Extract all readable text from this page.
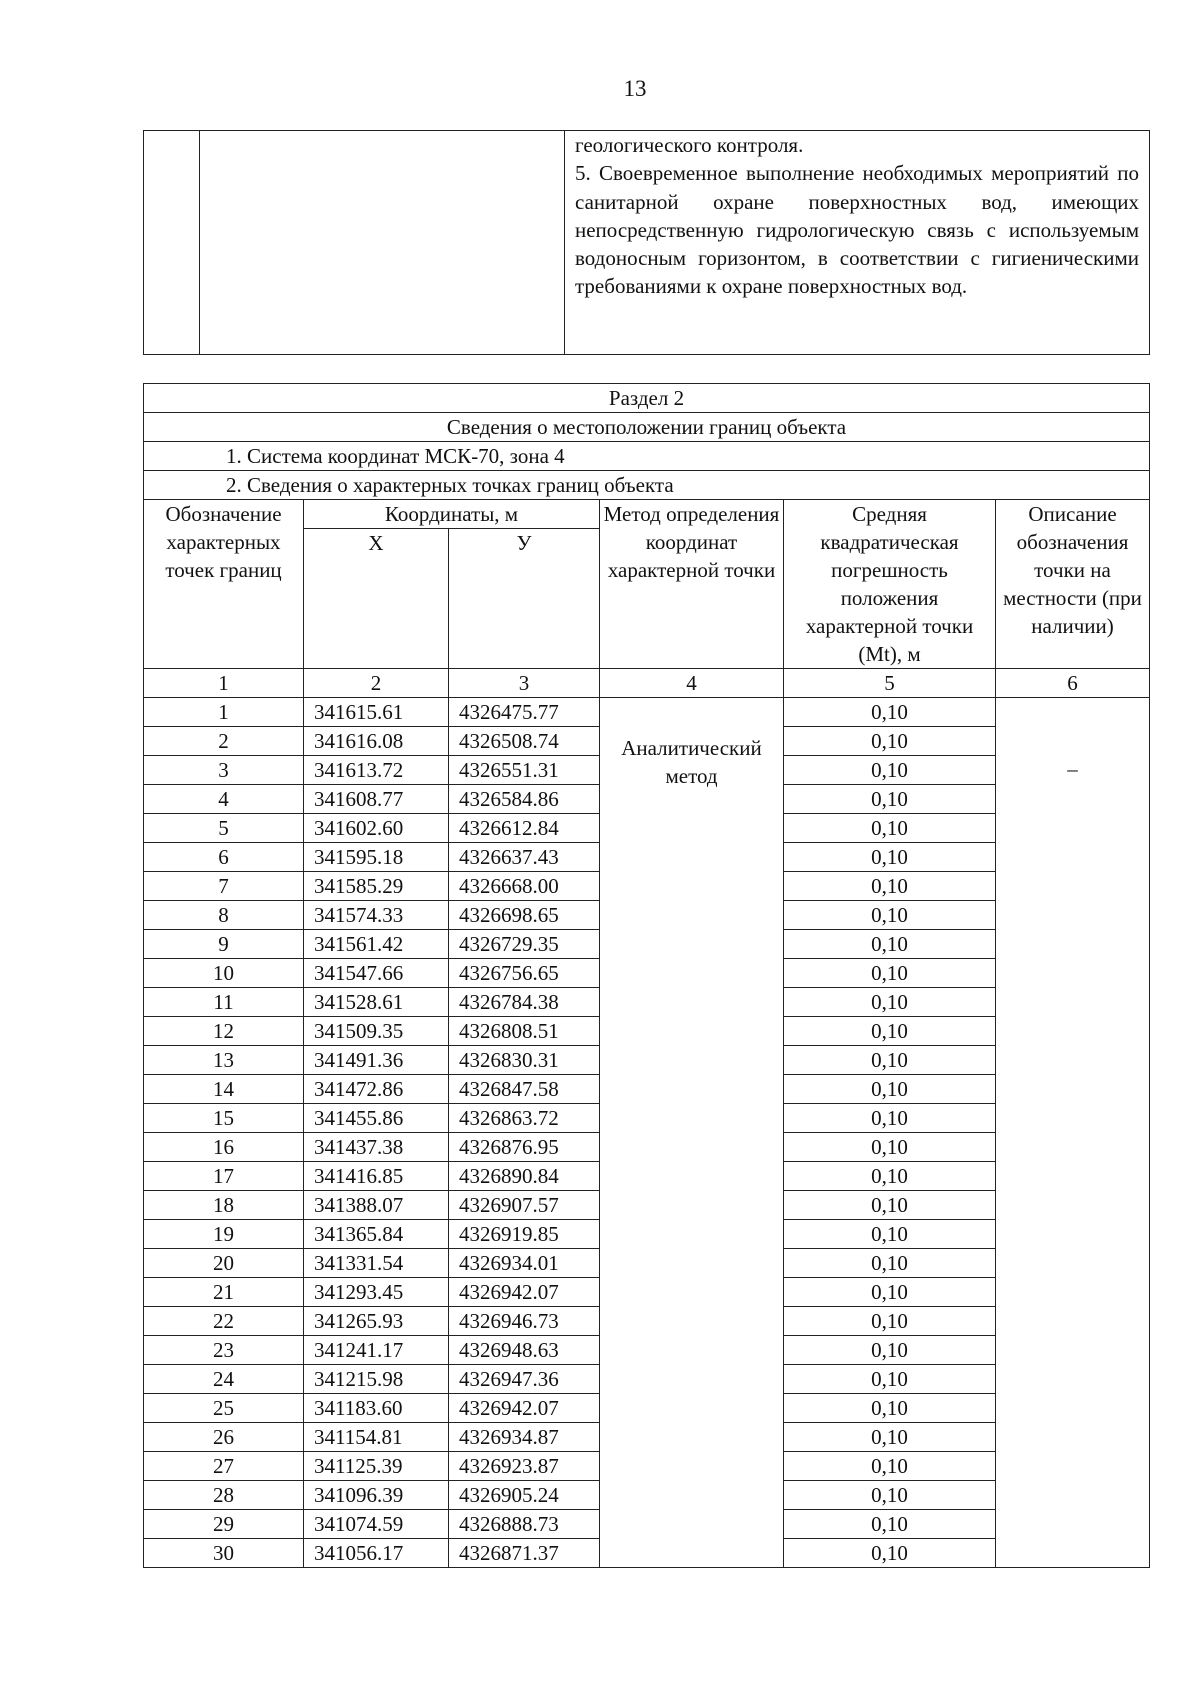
13

геологического контроля.

5. Своевременное выполнение необходимых мероприятий по санитарной охране поверхностных вод, имеющих непосредственную гидрологическую связь с используемым водоносным горизонтом, в соответствии с гигиеническими требованиями к охране поверхностных вод.

Раздел 2					
Сведения о местоположении границ объекта					
1. Система координат МСК-70, зона 4					
2. Сведения о характерных точках границ объекта					
Обозначение характерных точек границ	Координаты, м		Метод определения координат характерной точки	Средняя квадратическая погрешность положения характерной точки (Mt), м	Описание обозначения точки на местности (при наличии)
	X	У			
1	2	3	4	5	6
1	341615.61	4326475.77	Аналитический метод	0,10	–
2	341616.08	4326508.74		0,10	
3	341613.72	4326551.31		0,10	
4	341608.77	4326584.86		0,10	
5	341602.60	4326612.84		0,10	
6	341595.18	4326637.43		0,10	
7	341585.29	4326668.00		0,10	
8	341574.33	4326698.65		0,10	
9	341561.42	4326729.35		0,10	
10	341547.66	4326756.65		0,10	
11	341528.61	4326784.38		0,10	
12	341509.35	4326808.51		0,10	
13	341491.36	4326830.31		0,10	
14	341472.86	4326847.58		0,10	
15	341455.86	4326863.72		0,10	
16	341437.38	4326876.95		0,10	
17	341416.85	4326890.84		0,10	
18	341388.07	4326907.57		0,10	
19	341365.84	4326919.85		0,10	
20	341331.54	4326934.01		0,10	
21	341293.45	4326942.07		0,10	
22	341265.93	4326946.73		0,10	
23	341241.17	4326948.63		0,10	
24	341215.98	4326947.36		0,10	
25	341183.60	4326942.07		0,10	
26	341154.81	4326934.87		0,10	
27	341125.39	4326923.87		0,10	
28	341096.39	4326905.24		0,10	
29	341074.59	4326888.73		0,10	
30	341056.17	4326871.37		0,10	
